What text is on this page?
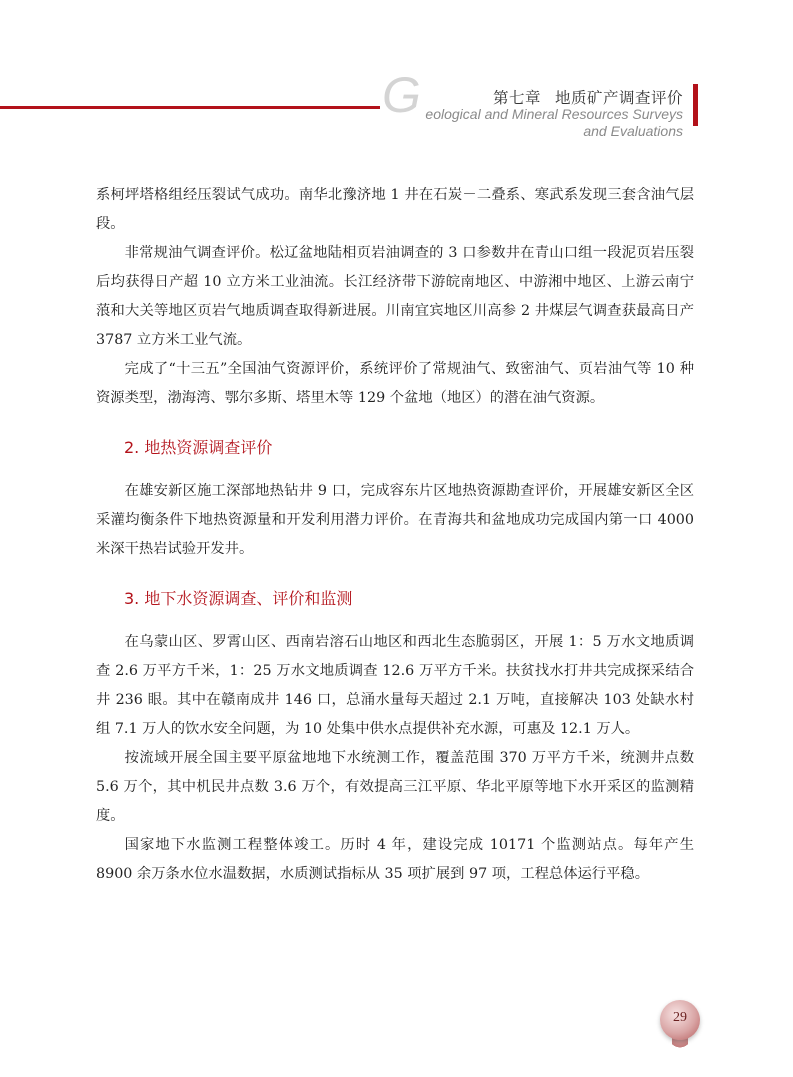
G	第七章 地质矿产调查评价
eological and Mineral Resources Surveys
and Evaluations

系柯坪塔格组经压裂试气成功。南华北豫济地 1 井在石炭－二叠系、寒武系发现三套含油气层段。

非常规油气调查评价。松辽盆地陆相页岩油调查的 3 口参数井在青山口组一段泥页岩压裂后均获得日产超 10 立方米工业油流。长江经济带下游皖南地区、中游湘中地区、上游云南宁蒗和大关等地区页岩气地质调查取得新进展。川南宜宾地区川高参 2 井煤层气调查获最高日产 3787 立方米工业气流。

完成了“十三五”全国油气资源评价，系统评价了常规油气、致密油气、页岩油气等 10 种资源类型，渤海湾、鄂尔多斯、塔里木等 129 个盆地（地区）的潜在油气资源。

2. 地热资源调查评价

在雄安新区施工深部地热钻井 9 口，完成容东片区地热资源勘查评价，开展雄安新区全区采灌均衡条件下地热资源量和开发利用潜力评价。在青海共和盆地成功完成国内第一口 4000 米深干热岩试验开发井。

3. 地下水资源调查、评价和监测

在乌蒙山区、罗霄山区、西南岩溶石山地区和西北生态脆弱区，开展 1：5 万水文地质调查 2.6 万平方千米，1：25 万水文地质调查 12.6 万平方千米。扶贫找水打井共完成探采结合井 236 眼。其中在赣南成井 146 口，总涌水量每天超过 2.1 万吨，直接解决 103 处缺水村组 7.1 万人的饮水安全问题，为 10 处集中供水点提供补充水源，可惠及 12.1 万人。

按流域开展全国主要平原盆地地下水统测工作，覆盖范围 370 万平方千米，统测井点数 5.6 万个，其中机民井点数 3.6 万个，有效提高三江平原、华北平原等地下水开采区的监测精度。

国家地下水监测工程整体竣工。历时 4 年，建设完成 10171 个监测站点。每年产生 8900 余万条水位水温数据，水质测试指标从 35 项扩展到 97 项，工程总体运行平稳。

29
